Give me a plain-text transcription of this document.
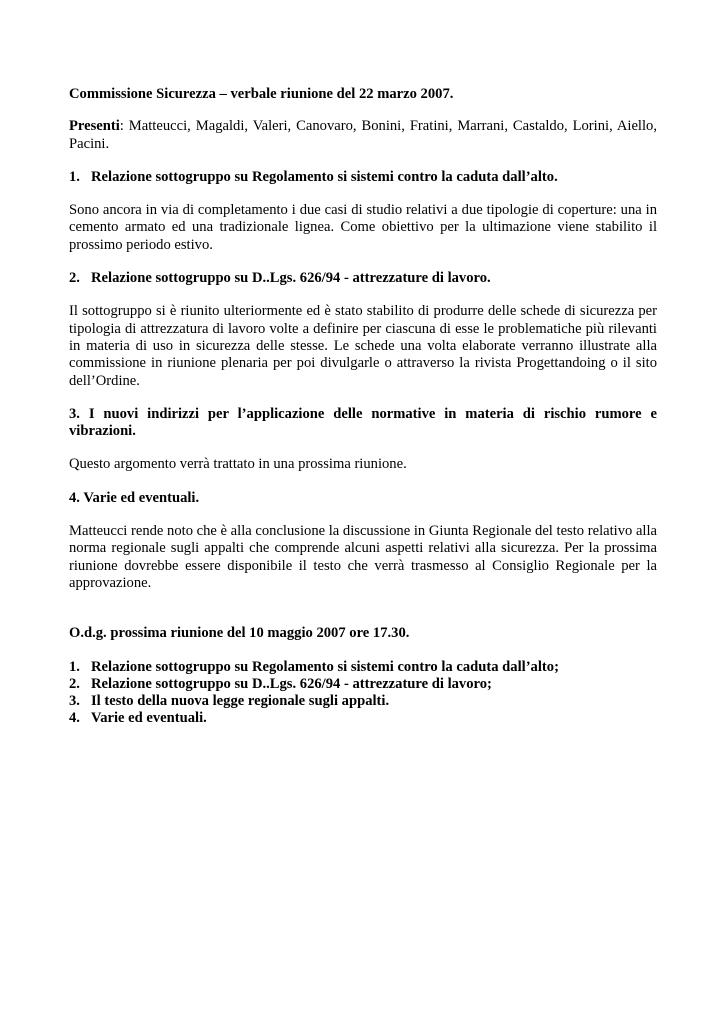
Commissione Sicurezza – verbale riunione del 22 marzo 2007.

Presenti: Matteucci, Magaldi, Valeri, Canovaro, Bonini, Fratini, Marrani, Castaldo, Lorini, Aiello, Pacini.

1. Relazione sottogruppo su Regolamento si sistemi contro la caduta dall’alto.

Sono ancora in via di completamento i due casi di studio relativi a due tipologie di coperture: una in cemento armato ed una tradizionale lignea. Come obiettivo per la ultimazione viene stabilito il prossimo periodo estivo.

2. Relazione sottogruppo su D..Lgs. 626/94 - attrezzature di lavoro.

Il sottogruppo si è riunito ulteriormente ed è stato stabilito di produrre delle schede di sicurezza per tipologia di attrezzatura di lavoro volte a definire per ciascuna di esse le problematiche più rilevanti in materia di uso in sicurezza delle stesse. Le schede una volta elaborate verranno illustrate alla commissione in riunione plenaria per poi divulgarle o attraverso la rivista Progettandoing o il sito dell’Ordine.

3. I nuovi indirizzi per l’applicazione delle normative in materia di rischio rumore e vibrazioni.

Questo argomento verrà trattato in una prossima riunione.

4. Varie ed eventuali.

Matteucci rende noto che è alla conclusione la discussione in Giunta Regionale del testo relativo alla norma regionale sugli appalti che comprende alcuni aspetti relativi alla sicurezza. Per la prossima riunione dovrebbe essere disponibile il testo che verrà trasmesso al Consiglio Regionale per la approvazione.

O.d.g. prossima riunione del 10 maggio 2007 ore 17.30.

1. Relazione sottogruppo su Regolamento si sistemi contro la caduta dall’alto;
2. Relazione sottogruppo su D..Lgs. 626/94 - attrezzature di lavoro;
3. Il testo della nuova legge regionale sugli appalti.
4. Varie ed eventuali.
